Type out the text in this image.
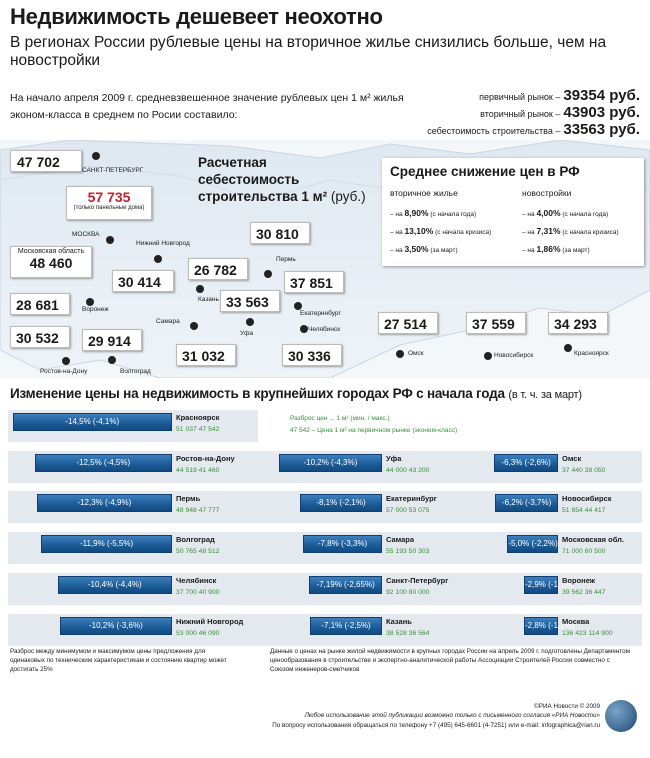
Недвижимость дешевеет неохотно
В регионах России рублевые цены на вторичное жилье снизились больше, чем на новостройки
На начало апреля 2009 г. средневзвешенное значение рублевых цен 1 м² жилья эконом-класса в среднем по Росии составило:
первичный рынок – 39354 руб.
вторичный рынок – 43903 руб.
себестоимость строительства – 33563 руб.
47 702
САНКТ-ПЕТЕРБУРГ
57 735
(только панельные дома)
МОСКВА
Московская область
48 460
28 681	Воронеж
30 532
Ростов-на-Дону
29 914
Волгоград
30 414
Нижний Новгород
26 782
Казань 33 563
Уфа
31 032
Самара
30 810
Пермь
37 851
Екатеринбург
30 336
Челябинск	27 514
Омск
37 559
Новосибирск
34 293
Красноярск
Расчетная
себестоимость
строительства 1 м² (руб.)
Среднее снижение цен в РФ
вторичное жилье	новостройки
– на 8,90% (с начала года)	– на 4,00% (с начала года)
– на 13,10% (с начала кризиса)	– на 7,31% (с начала кризиса)
– на 3,50% (за март)	– на 1,86% (за март)
Изменение цены на недвижимость в крупнейших городах РФ с начала года (в т. ч. за март)
-14,5% (-4,1%)	Красноярск
51 037 47 542
-12,5% (-4,5%)	Ростов-на-Дону
44 519 41 460
-12,3% (-4,9%)	Пермь
48 948 47 777
-11,9% (-5,5%)	Волгоград
50 765 48 512
-10,4% (-4,4%)	Челябинск
37 700 40 900
-10,2% (-3,6%)	Нижний Новгород
53 000 46 090
-10,2% (-4,3%)	Уфа
44 000 43 200
-8,1% (-2,1%)	Екатеринбург
57 000 53 075
-7,8% (-3,3%)	Самара
55 193 50 303
-7,19% (-2,65%)	Санкт-Петербург
92 100 80 000
-7,1% (-2,5%)	Казань
38 528 36 564
-6,3% (-2,6%)	Омск
37 440 38 050
-6,2% (-3,7%)	Новосибирск
51 654 44 417
-5,0% (-2,2%) Московская обл.
71 000 60 500
-2,9% (-1,1%)
Воронеж
39 562 36 447
-2,8% (-1,1%)
Москва
136 423 114 900
Разброс цен ... 1 м² (мин. / макс.)
47 542 – Цена 1 м² на первичном рынке (эконом-класс)
Разброс между минимумом и максимумом цены предложения для одинаковых по техническим характеристикам и состоянию квартир может достигать 25%
Данные о ценах на рынке жилой недвижимости в крупных городах России на апрель 2009 г. подготовлены Департаментом ценообразования в строительстве и экспертно-аналитической работы Ассоциации Строителей России совместно с Союзом инженеров-сметчиков
©РИА Новости © 2009
Любое использование этой публикации возможно только с письменного согласия «РИА Новости»
По вопросу использования обращаться по телефону +7 (495) 645-6601 (4-7251) или e-mail: infographica@rian.ru
